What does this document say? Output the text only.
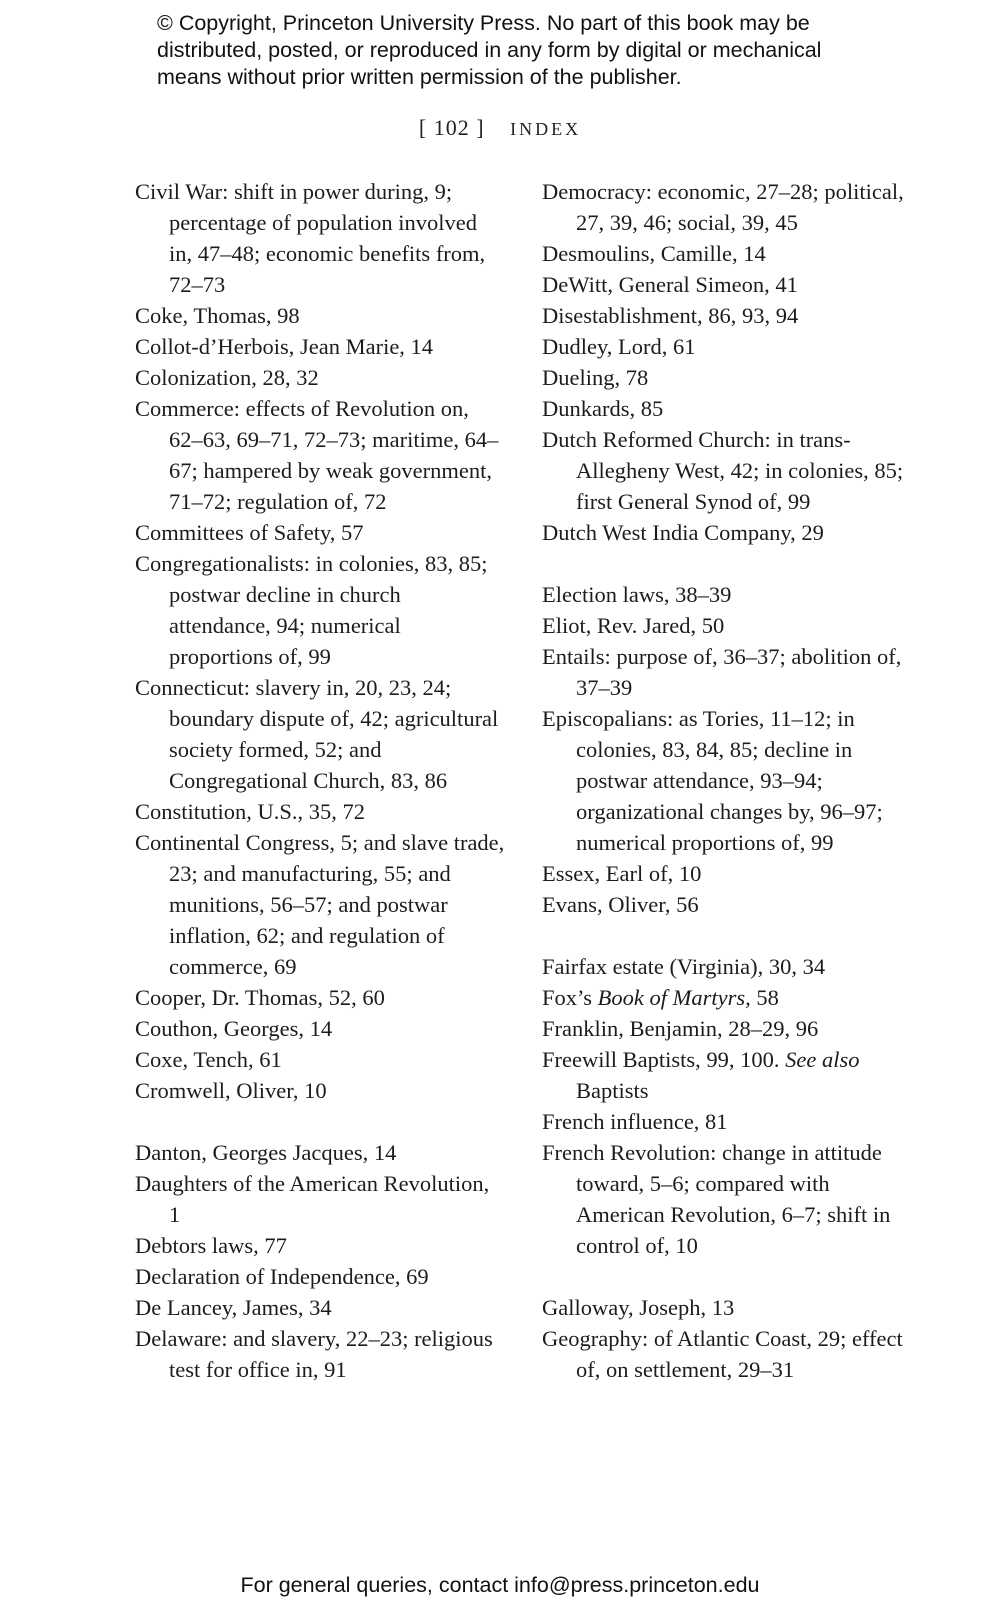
© Copyright, Princeton University Press. No part of this book may be distributed, posted, or reproduced in any form by digital or mechanical means without prior written permission of the publisher.
[ 102 ] INDEX

Civil War: shift in power during, 9; percentage of population involved in, 47–48; economic benefits from, 72–73

Coke, Thomas, 98

Collot-d’Herbois, Jean Marie, 14

Colonization, 28, 32

Commerce: effects of Revolution on, 62–63, 69–71, 72–73; maritime, 64–67; hampered by weak government, 71–72; regulation of, 72

Committees of Safety, 57

Congregationalists: in colonies, 83, 85; postwar decline in church attendance, 94; numerical proportions of, 99

Connecticut: slavery in, 20, 23, 24; boundary dispute of, 42; agricultural society formed, 52; and Congregational Church, 83, 86

Constitution, U.S., 35, 72

Continental Congress, 5; and slave trade, 23; and manufacturing, 55; and munitions, 56–57; and postwar inflation, 62; and regulation of commerce, 69

Cooper, Dr. Thomas, 52, 60

Couthon, Georges, 14

Coxe, Tench, 61

Cromwell, Oliver, 10

Danton, Georges Jacques, 14

Daughters of the American Revolution, 1

Debtors laws, 77

Declaration of Independence, 69

De Lancey, James, 34

Delaware: and slavery, 22–23; religious test for office in, 91

Democracy: economic, 27–28; political, 27, 39, 46; social, 39, 45

Desmoulins, Camille, 14

DeWitt, General Simeon, 41

Disestablishment, 86, 93, 94

Dudley, Lord, 61

Dueling, 78

Dunkards, 85

Dutch Reformed Church: in trans-Allegheny West, 42; in colonies, 85; first General Synod of, 99

Dutch West India Company, 29

Election laws, 38–39

Eliot, Rev. Jared, 50

Entails: purpose of, 36–37; abolition of, 37–39

Episcopalians: as Tories, 11–12; in colonies, 83, 84, 85; decline in postwar attendance, 93–94; organizational changes by, 96–97; numerical proportions of, 99

Essex, Earl of, 10

Evans, Oliver, 56

Fairfax estate (Virginia), 30, 34

Fox’s Book of Martyrs, 58

Franklin, Benjamin, 28–29, 96

Freewill Baptists, 99, 100. See also Baptists

French influence, 81

French Revolution: change in attitude toward, 5–6; compared with American Revolution, 6–7; shift in control of, 10

Galloway, Joseph, 13

Geography: of Atlantic Coast, 29; effect of, on settlement, 29–31

For general queries, contact info@press.princeton.edu
